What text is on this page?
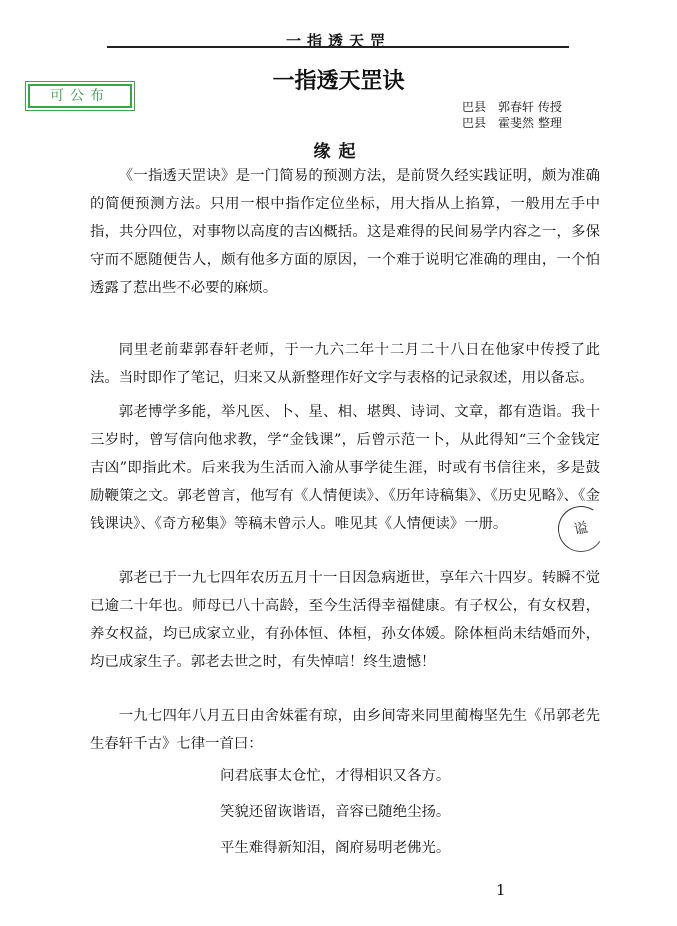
一指透天罡
可公布
一指透天罡诀
巴县　郭春轩 传授
巴县　霍斐然 整理
缘起

《一指透天罡诀》是一门简易的预测方法，是前贤久经实践证明，颇为准确的简便预测方法。只用一根中指作定位坐标，用大指从上掐算，一般用左手中指，共分四位，对事物以高度的吉凶概括。这是难得的民间易学内容之一，多保守而不愿随便告人，颇有他多方面的原因，一个难于说明它准确的理由，一个怕透露了惹出些不必要的麻烦。

同里老前辈郭春轩老师，于一九六二年十二月二十八日在他家中传授了此法。当时即作了笔记，归来又从新整理作好文字与表格的记录叙述，用以备忘。

郭老博学多能，举凡医、卜、星、相、堪舆、诗词、文章，都有造诣。我十三岁时，曾写信向他求教，学“金钱课”，后曾示范一卜，从此得知“三个金钱定吉凶”即指此术。后来我为生活而入渝从事学徒生涯，时或有书信往来，多是鼓励鞭策之文。郭老曾言，他写有《人情便读》、《历年诗稿集》、《历史见略》、《金钱课诀》、《奇方秘集》等稿未曾示人。唯见其《人情便读》一册。

郭老已于一九七四年农历五月十一日因急病逝世，享年六十四岁。转瞬不觉已逾二十年也。师母已八十高龄，至今生活得幸福健康。有子权公，有女权碧，养女权益，均已成家立业，有孙体恒、体桓，孙女体媛。除体桓尚未结婚而外，均已成家生子。郭老去世之时，有失悼唁！终生遗憾！

一九七四年八月五日由舍妹霍有琼，由乡间寄来同里蔺梅坚先生《吊郭老先生春轩千古》七律一首曰：

问君底事太仓忙，才得相识又各方。
笑貌还留诙谐语，音容已随绝尘扬。
平生难得新知泪，阁府易明老佛光。
谥
1
